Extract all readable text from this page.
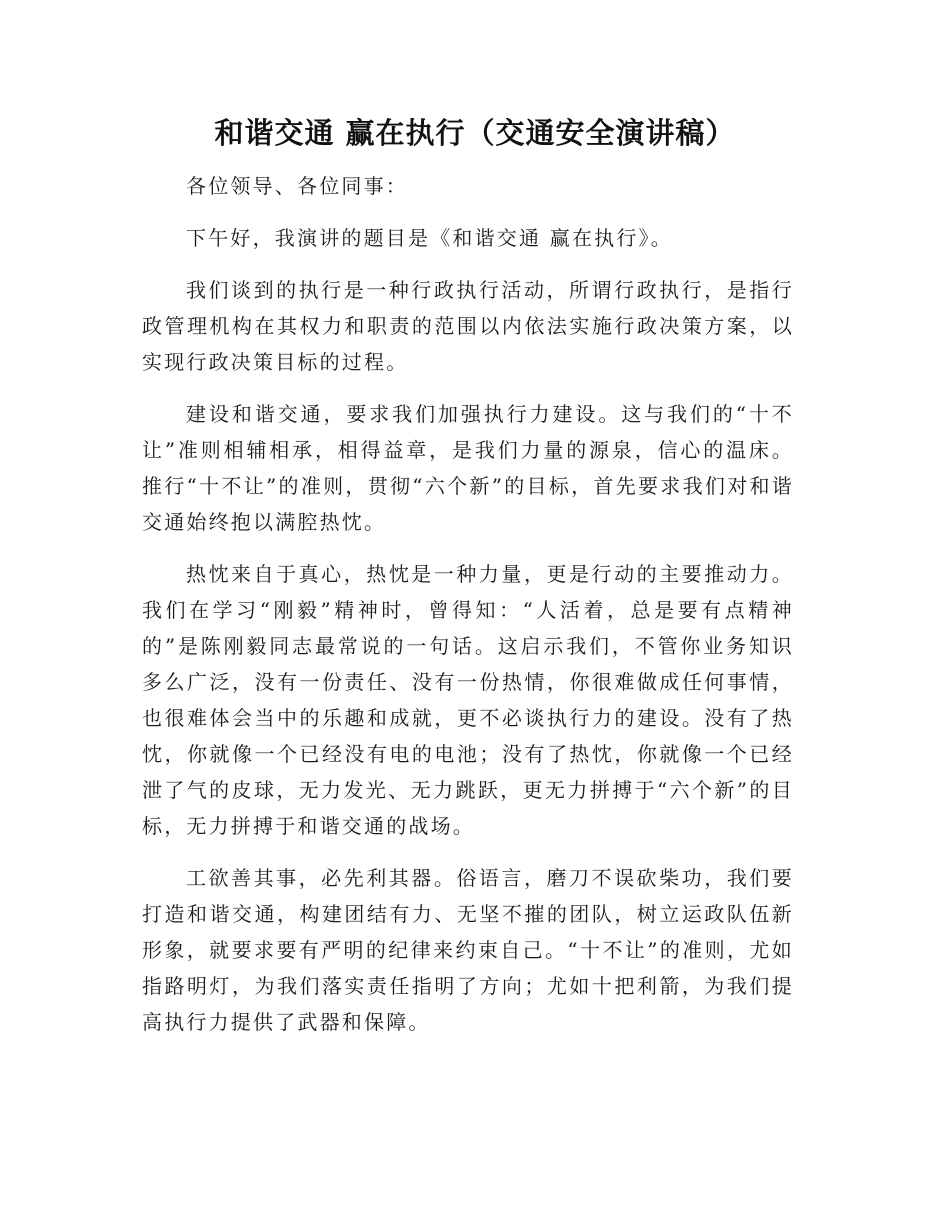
和谐交通 赢在执行（交通安全演讲稿）

各位领导、各位同事：

下午好，我演讲的题目是《和谐交通 赢在执行》。

我们谈到的执行是一种行政执行活动，所谓行政执行，是指行政管理机构在其权力和职责的范围以内依法实施行政决策方案，以实现行政决策目标的过程。

建设和谐交通，要求我们加强执行力建设。这与我们的“十不让”准则相辅相承，相得益章，是我们力量的源泉，信心的温床。推行“十不让”的准则，贯彻“六个新”的目标，首先要求我们对和谐交通始终抱以满腔热忱。

热忱来自于真心，热忱是一种力量，更是行动的主要推动力。我们在学习“刚毅”精神时，曾得知：“人活着，总是要有点精神的”是陈刚毅同志最常说的一句话。这启示我们，不管你业务知识多么广泛，没有一份责任、没有一份热情，你很难做成任何事情，也很难体会当中的乐趣和成就，更不必谈执行力的建设。没有了热忱，你就像一个已经没有电的电池；没有了热忱，你就像一个已经泄了气的皮球，无力发光、无力跳跃，更无力拼搏于“六个新”的目标，无力拼搏于和谐交通的战场。

工欲善其事，必先利其器。俗语言，磨刀不误砍柴功，我们要打造和谐交通，构建团结有力、无坚不摧的团队，树立运政队伍新形象，就要求要有严明的纪律来约束自己。“十不让”的准则，尤如指路明灯，为我们落实责任指明了方向；尤如十把利箭，为我们提高执行力提供了武器和保障。
